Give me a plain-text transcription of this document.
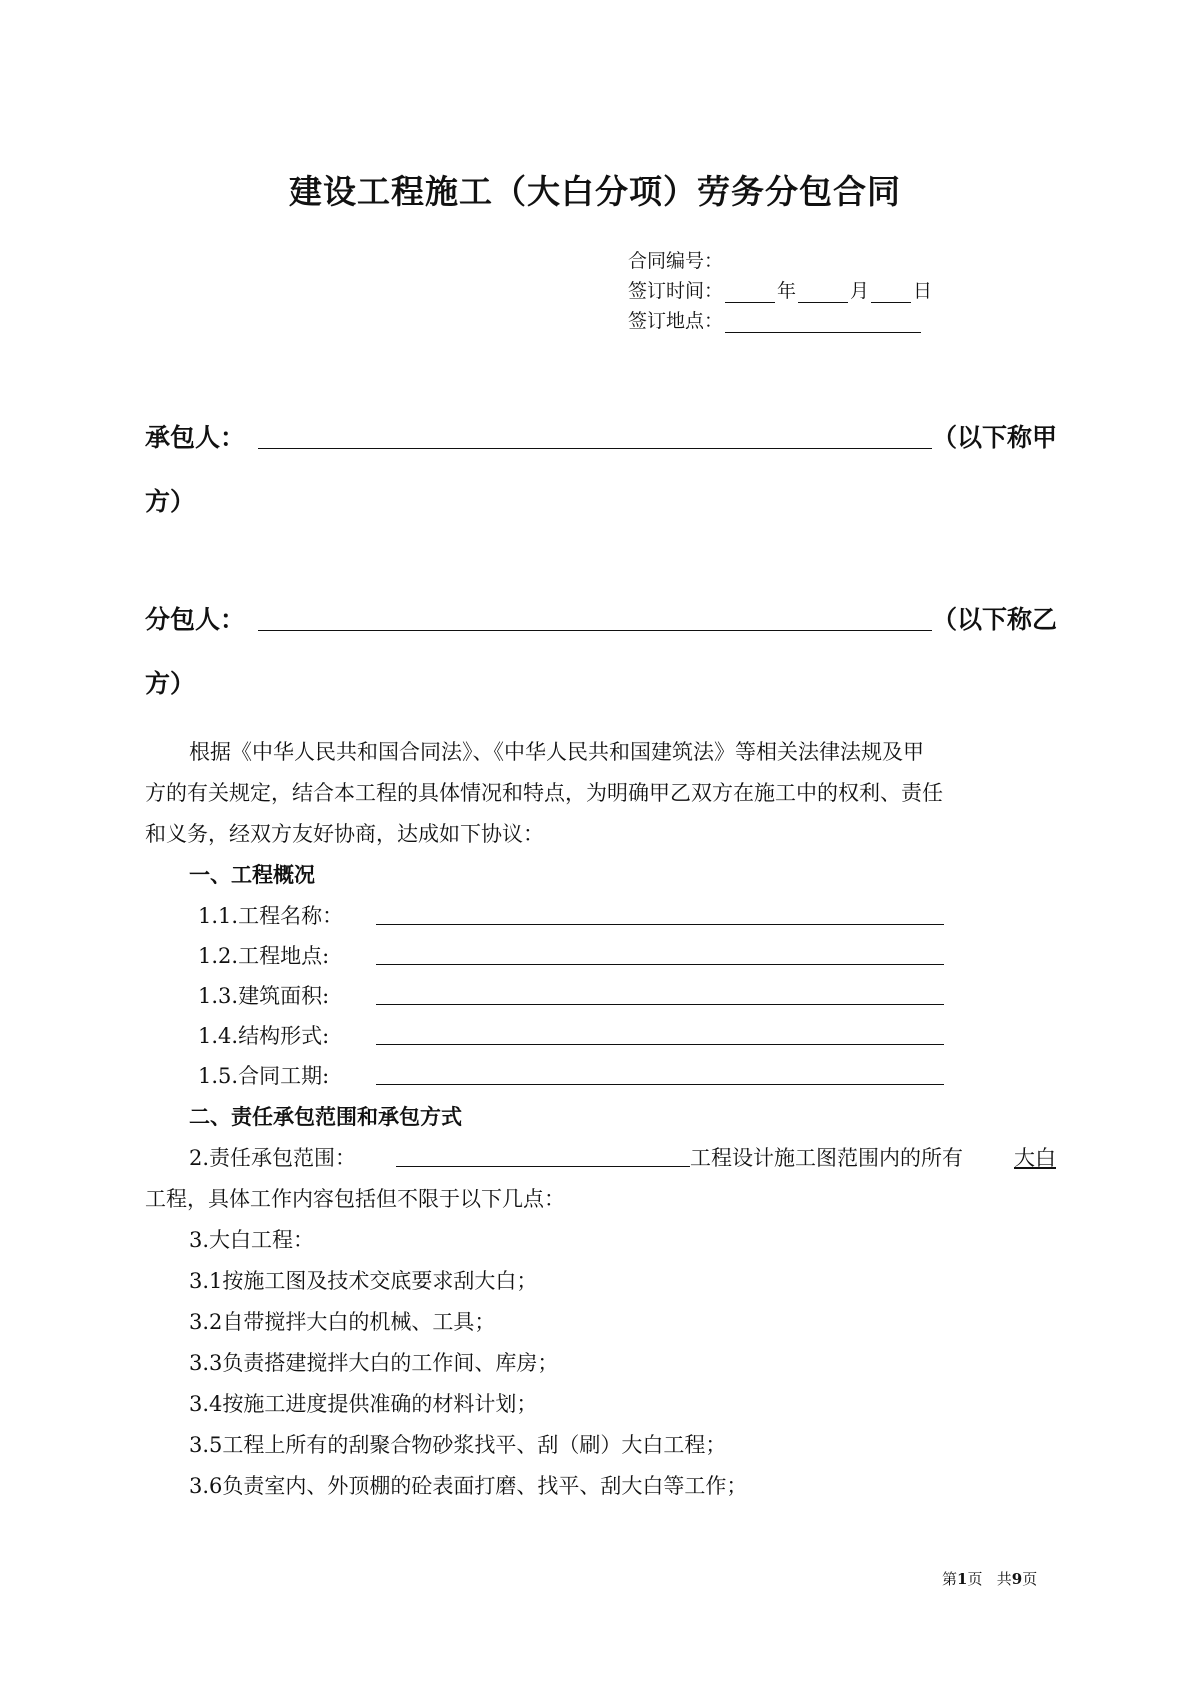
建设工程施工（大白分项）劳务分包合同
合同编号：
签订时间：	年	月 日
签订地点：
承包人：	（以下称甲
方）
分包人：	（以下称乙
方）
根据《中华人民共和国合同法》、《中华人民共和国建筑法》等相关法律法规及甲
方的有关规定，结合本工程的具体情况和特点，为明确甲乙双方在施工中的权利、责任
和义务，经双方友好协商，达成如下协议：
一、工程概况
1.1.工程名称：
1.2.工程地点:
1.3.建筑面积:
1.4.结构形式:
1.5.合同工期:
二、责任承包范围和承包方式
2.责任承包范围：	工程设计施工图范围内的所有 大白
工程，具体工作内容包括但不限于以下几点：
3.大白工程：
3.1按施工图及技术交底要求刮大白；
3.2自带搅拌大白的机械、工具；
3.3负责搭建搅拌大白的工作间、库房；
3.4按施工进度提供准确的材料计划；
3.5工程上所有的刮聚合物砂浆找平、刮（刷）大白工程；
3.6负责室内、外顶棚的砼表面打磨、找平、刮大白等工作；
第1页 共9页
